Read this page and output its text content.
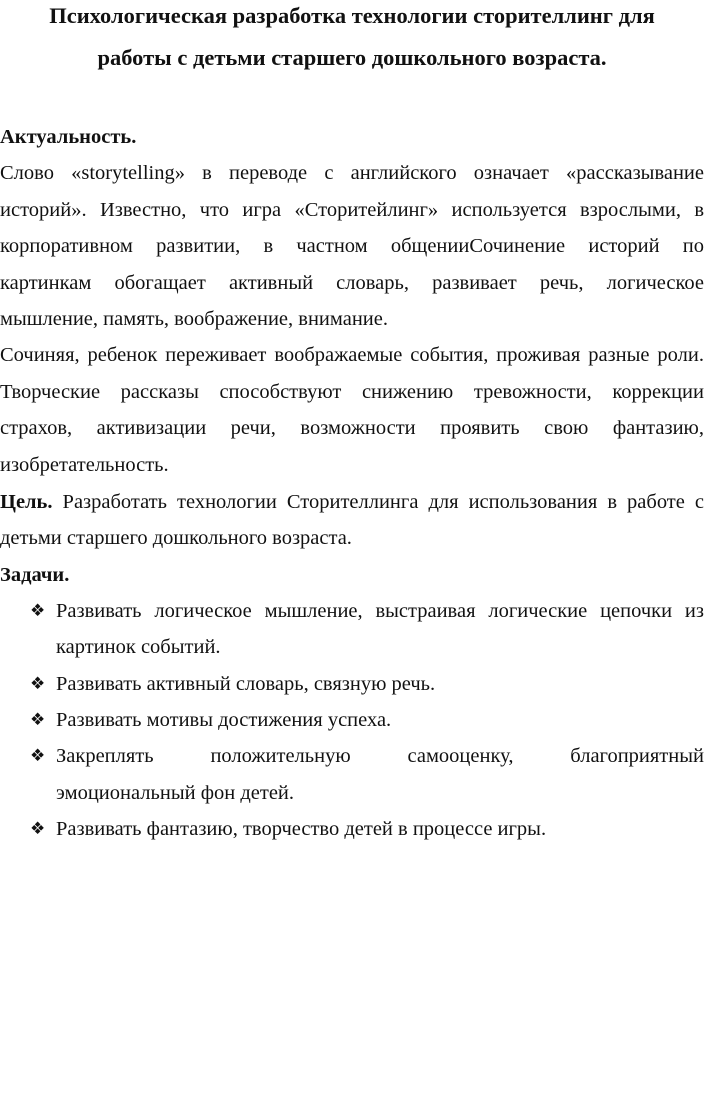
Психологическая разработка технологии сторителлинг для
работы с детьми старшего дошкольного возраста.
Актуальность.
Слово «storytelling» в переводе с английского означает «рассказывание
историй». Известно, что игра «Сторитейлинг» используется взрослыми, в
корпоративном развитии, в частном общенииСочинение историй по
картинкам обогащает активный словарь, развивает речь, логическое
мышление, память, воображение, внимание.
Сочиняя, ребенок переживает воображаемые события, проживая разные роли.
Творческие рассказы способствуют снижению тревожности, коррекции
страхов, активизации речи, возможности проявить свою фантазию,
изобретательность.
Цель. Разработать технологии Сторителлинга для использования в работе с
детьми старшего дошкольного возраста.
Задачи.
❖ Развивать логическое мышление, выстраивая логические цепочки из
картинок событий.
❖ Развивать активный словарь, связную речь.
❖ Развивать мотивы достижения успеха.
❖ Закреплять положительную самооценку, благоприятный
эмоциональный фон детей.
❖ Развивать фантазию, творчество детей в процессе игры.
